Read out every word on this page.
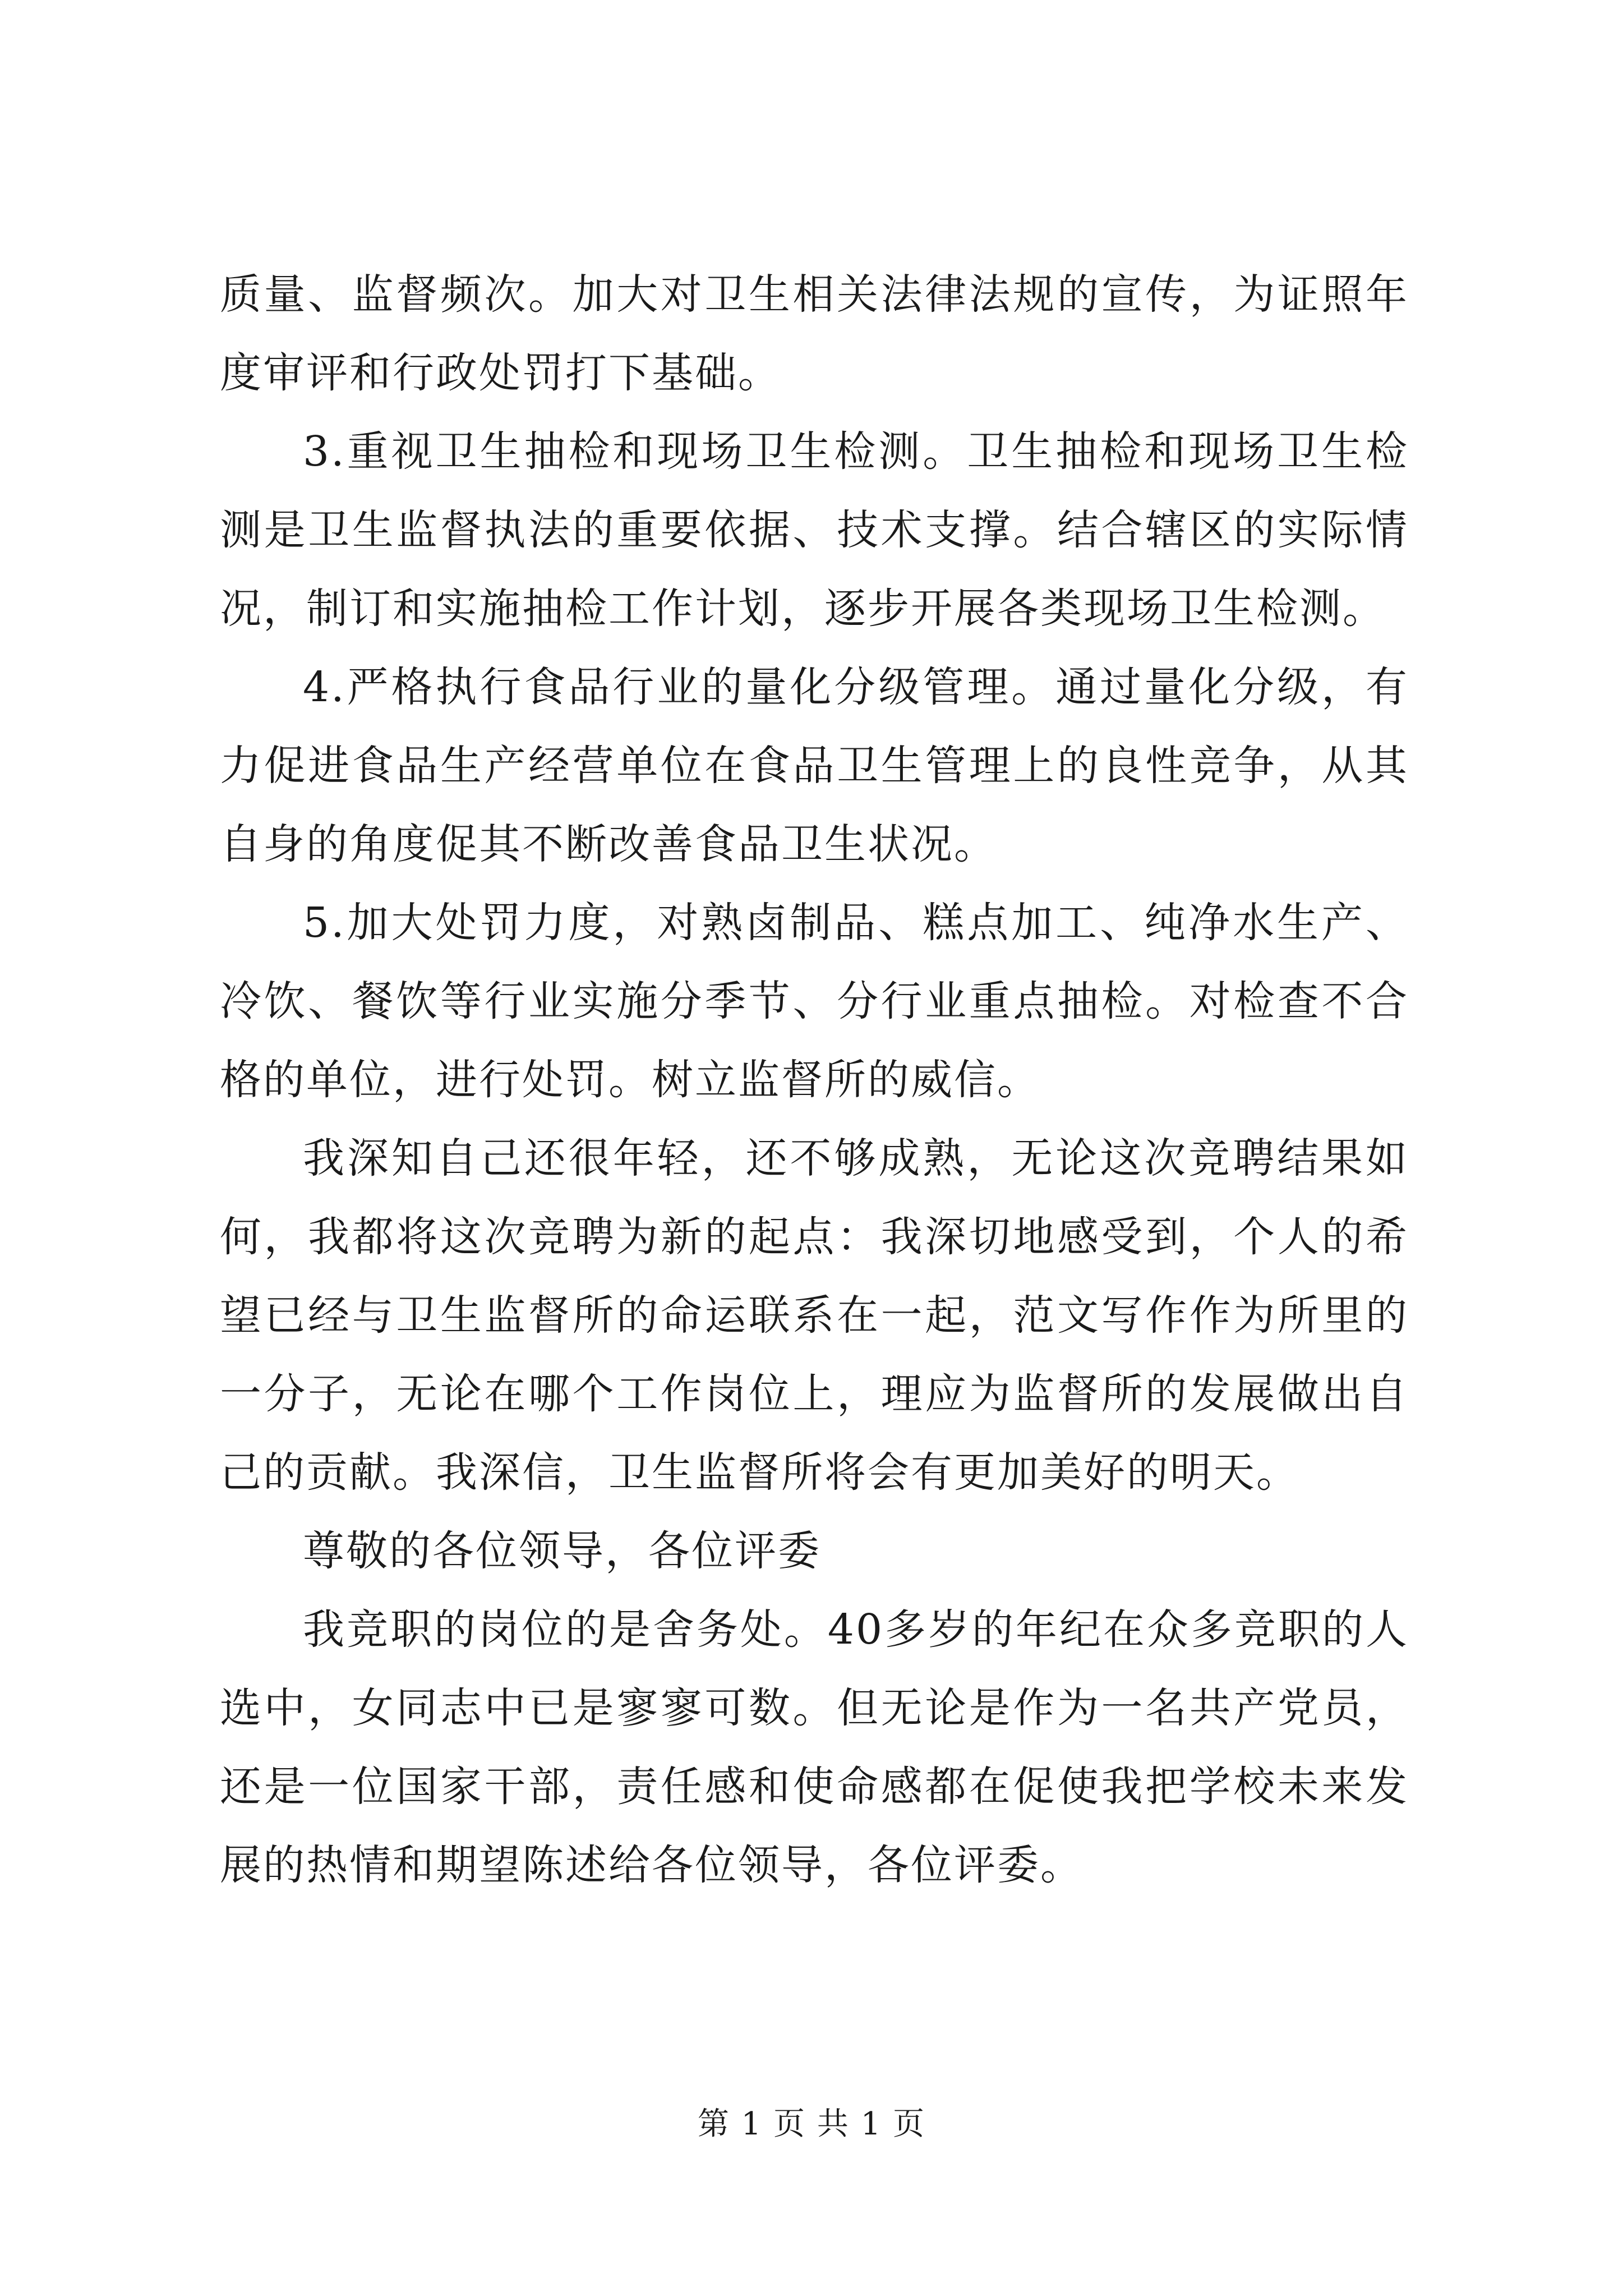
质量、监督频次。加大对卫生相关法律法规的宣传，为证照年度审评和行政处罚打下基础。

3.重视卫生抽检和现场卫生检测。卫生抽检和现场卫生检测是卫生监督执法的重要依据、技术支撑。结合辖区的实际情况，制订和实施抽检工作计划，逐步开展各类现场卫生检测。

4.严格执行食品行业的量化分级管理。通过量化分级，有力促进食品生产经营单位在食品卫生管理上的良性竞争，从其自身的角度促其不断改善食品卫生状况。

5.加大处罚力度，对熟卤制品、糕点加工、纯净水生产、冷饮、餐饮等行业实施分季节、分行业重点抽检。对检查不合格的单位，进行处罚。树立监督所的威信。

我深知自己还很年轻，还不够成熟，无论这次竞聘结果如何，我都将这次竞聘为新的起点：我深切地感受到，个人的希望已经与卫生监督所的命运联系在一起，范文写作作为所里的一分子，无论在哪个工作岗位上，理应为监督所的发展做出自己的贡献。我深信，卫生监督所将会有更加美好的明天。

尊敬的各位领导，各位评委

我竞职的岗位的是舍务处。40多岁的年纪在众多竞职的人选中，女同志中已是寥寥可数。但无论是作为一名共产党员，还是一位国家干部，责任感和使命感都在促使我把学校未来发展的热情和期望陈述给各位领导，各位评委。

第 1 页 共 1 页
